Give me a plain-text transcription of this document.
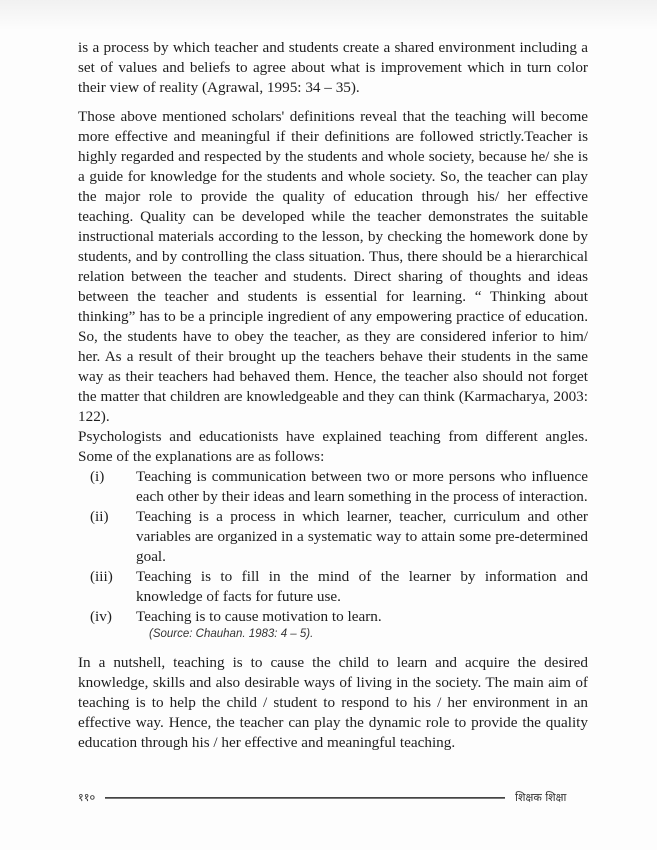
is a process by which teacher and students create a shared environment including a set of values and beliefs to agree about what is improvement which in turn color their view of reality (Agrawal, 1995: 34 – 35).

Those above mentioned scholars' definitions reveal that the teaching will become more effective and meaningful if their definitions are followed strictly.Teacher is highly regarded and respected by the students and whole society, because he/ she is a guide for knowledge for the students and whole society. So, the teacher can play the major role to provide the quality of education through his/ her effective teaching. Quality can be developed while the teacher demonstrates the suitable instructional materials according to the lesson, by checking the homework done by students, and by controlling the class situation. Thus, there should be a hierarchical relation between the teacher and students. Direct sharing of thoughts and ideas between the teacher and students is essential for learning. “ Thinking about thinking” has to be a principle ingredient of any empowering practice of education. So, the students have to obey the teacher, as they are considered inferior to him/ her. As a result of their brought up the teachers behave their students in the same way as their teachers had behaved them. Hence, the teacher also should not forget the matter that children are knowledgeable and they can think (Karmacharya, 2003: 122).

Psychologists and educationists have explained teaching from different angles. Some of the explanations are as follows:

(i)	Teaching is communication between two or more persons who influence each other by their ideas and learn something in the process of interaction.
(ii)	Teaching is a process in which learner, teacher, curriculum and other variables are organized in a systematic way to attain some pre-determined goal.
(iii)	Teaching is to fill in the mind of the learner by information and knowledge of facts for future use.
(iv)	Teaching is to cause motivation to learn.
(Source: Chauhan. 1983: 4 – 5).

In a nutshell, teaching is to cause the child to learn and acquire the desired knowledge, skills and also desirable ways of living in the society. The main aim of teaching is to help the child / student to respond to his / her environment in an effective way. Hence, the teacher can play the dynamic role to provide the quality education through his / her effective and meaningful teaching.

११०	शिक्षक शिक्षा
